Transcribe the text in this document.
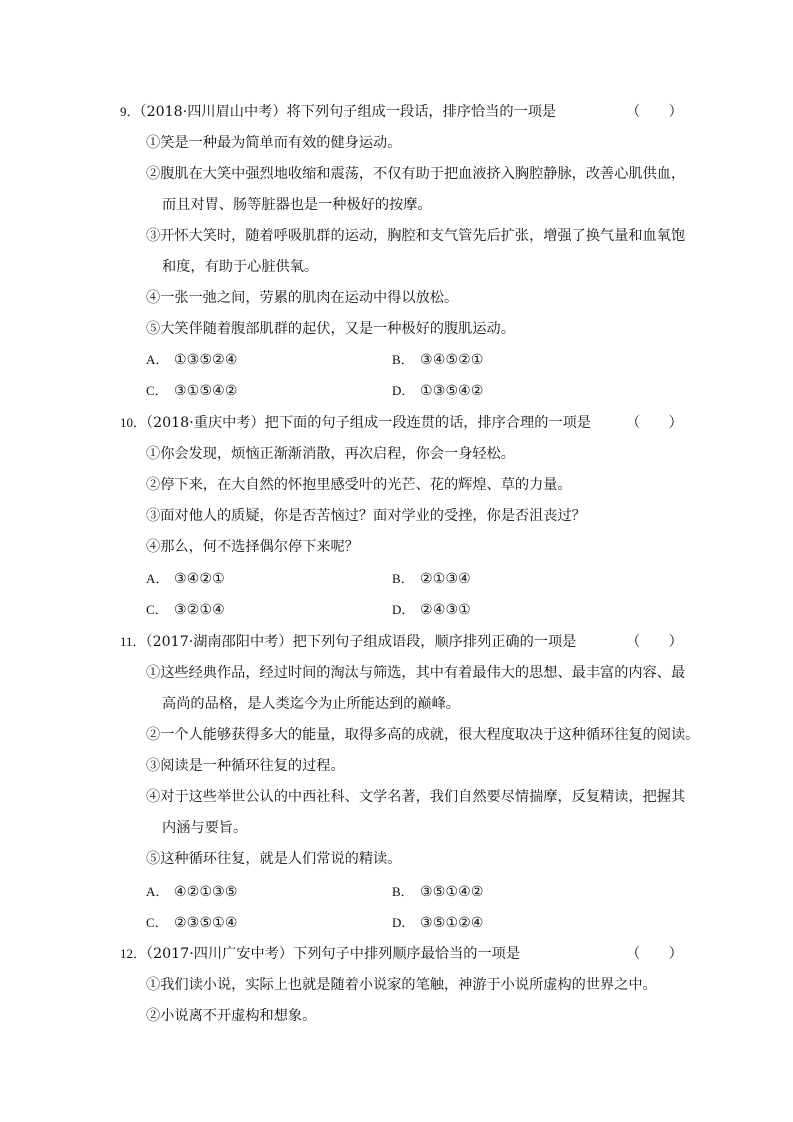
9．（2018·四川眉山中考）将下列句子组成一段话，排序恰当的一项是	（　　）
①笑是一种最为简单而有效的健身运动。
②腹肌在大笑中强烈地收缩和震荡，不仅有助于把血液挤入胸腔静脉，改善心肌供血，
而且对胃、肠等脏器也是一种极好的按摩。
③开怀大笑时，随着呼吸肌群的运动，胸腔和支气管先后扩张，增强了换气量和血氧饱
和度，有助于心脏供氧。
④一张一弛之间，劳累的肌肉在运动中得以放松。
⑤大笑伴随着腹部肌群的起伏，又是一种极好的腹肌运动。
A． ①③⑤②④	B． ③④⑤②①
C． ③①⑤④②	D． ①③⑤④②
10．（2018·重庆中考）把下面的句子组成一段连贯的话，排序合理的一项是 （　　）
①你会发现，烦恼正渐渐消散，再次启程，你会一身轻松。
②停下来，在大自然的怀抱里感受叶的光芒、花的辉煌、草的力量。
③面对他人的质疑，你是否苦恼过？面对学业的受挫，你是否沮丧过？
④那么，何不选择偶尔停下来呢？
A． ③④②①	B． ②①③④
C． ③②①④	D． ②④③①
11．（2017·湖南邵阳中考）把下列句子组成语段，顺序排列正确的一项是	（　　）
①这些经典作品，经过时间的淘汰与筛选，其中有着最伟大的思想、最丰富的内容、最
高尚的品格，是人类迄今为止所能达到的巅峰。
②一个人能够获得多大的能量，取得多高的成就，很大程度取决于这种循环往复的阅读。
③阅读是一种循环往复的过程。
④对于这些举世公认的中西社科、文学名著，我们自然要尽情揣摩，反复精读，把握其
内涵与要旨。
⑤这种循环往复，就是人们常说的精读。
A． ④②①③⑤	B． ③⑤①④②
C． ②③⑤①④	D． ③⑤①②④
12．（2017·四川广安中考）下列句子中排列顺序最恰当的一项是	（　　）
①我们读小说，实际上也就是随着小说家的笔触，神游于小说所虚构的世界之中。
②小说离不开虚构和想象。
